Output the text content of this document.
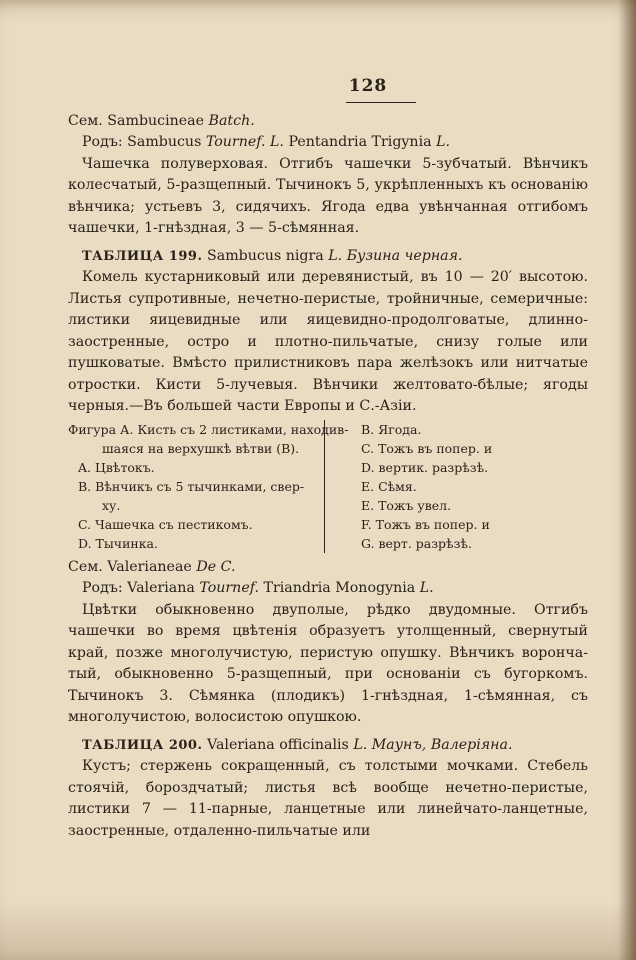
128

Сем. Sambucineae Batch.

Родъ: Sambucus Tournef. L. Pentandria Trigynia L.

Чашечка полуверховая. Отгибъ чашечки 5-зубчатый. Вѣнчикъ колесчатый, 5-разщепный. Тычинокъ 5, укрѣпленныхъ къ основанію вѣнчика; устьевъ 3, сидячихъ. Ягода едва увѣнчанная отгибомъ чашечки, 1-гнѣздная, 3 — 5-сѣмянная.

ТАБЛИЦА 199. Sambucus nigra L. Бузина черная.

Комель кустарниковый или деревянистый, въ 10 — 20′ высотою. Листья супротивные, нечетно-перистые, тройничные, семеричные: листики яицевидные или яицевидно-продолговатые, длинно-заостренные, остро и плотно-пильчатые, снизу голые или пушковатые. Вмѣсто прилистниковъ пара желѣзокъ или нитчатые отростки. Кисти 5-лучевыя. Вѣнчики желтовато-бѣлые; ягоды черныя.—Въ большей части Европы и С.-Азіи.

Фигура А. Кисть съ 2 листиками, находив-
шаяся на верхушкѣ вѣтви (В).
A. Цвѣтокъ.
B. Вѣнчикъ съ 5 тычинками, свер-
ху.
C. Чашечка съ пестикомъ.
D. Тычинка.
B. Ягода.
C. Тожъ въ попер. и
D. вертик. разрѣзѣ.
E. Сѣмя.
E. Тожъ увел.
F. Тожъ въ попер. и
G. верт. разрѣзѣ.

Сем. Valerianeae De C.

Родъ: Valeriana Tournef. Triandria Monogynia L.

Цвѣтки обыкновенно двуполые, рѣдко двудомные. Отгибъ чашечки во время цвѣтенія образуетъ утолщенный, свернутый край, позже многолучистую, перистую опушку. Вѣнчикъ ворончатый, обыкновенно 5-разщепный, при основаніи съ бугоркомъ. Тычинокъ 3. Сѣмянка (плодикъ) 1-гнѣздная, 1-сѣмянная, съ многолучистою, волосистою опушкою.

ТАБЛИЦА 200. Valeriana officinalis L. Маунъ, Валеріяна.

Кустъ; стержень сокращенный, съ толстыми мочками. Стебель стоячій, бороздчатый; листья всѣ вообще нечетно-перистые, листики 7 — 11-парные, ланцетные или линейчато-ланцетные, заостренные, отдаленно-пильчатые или
